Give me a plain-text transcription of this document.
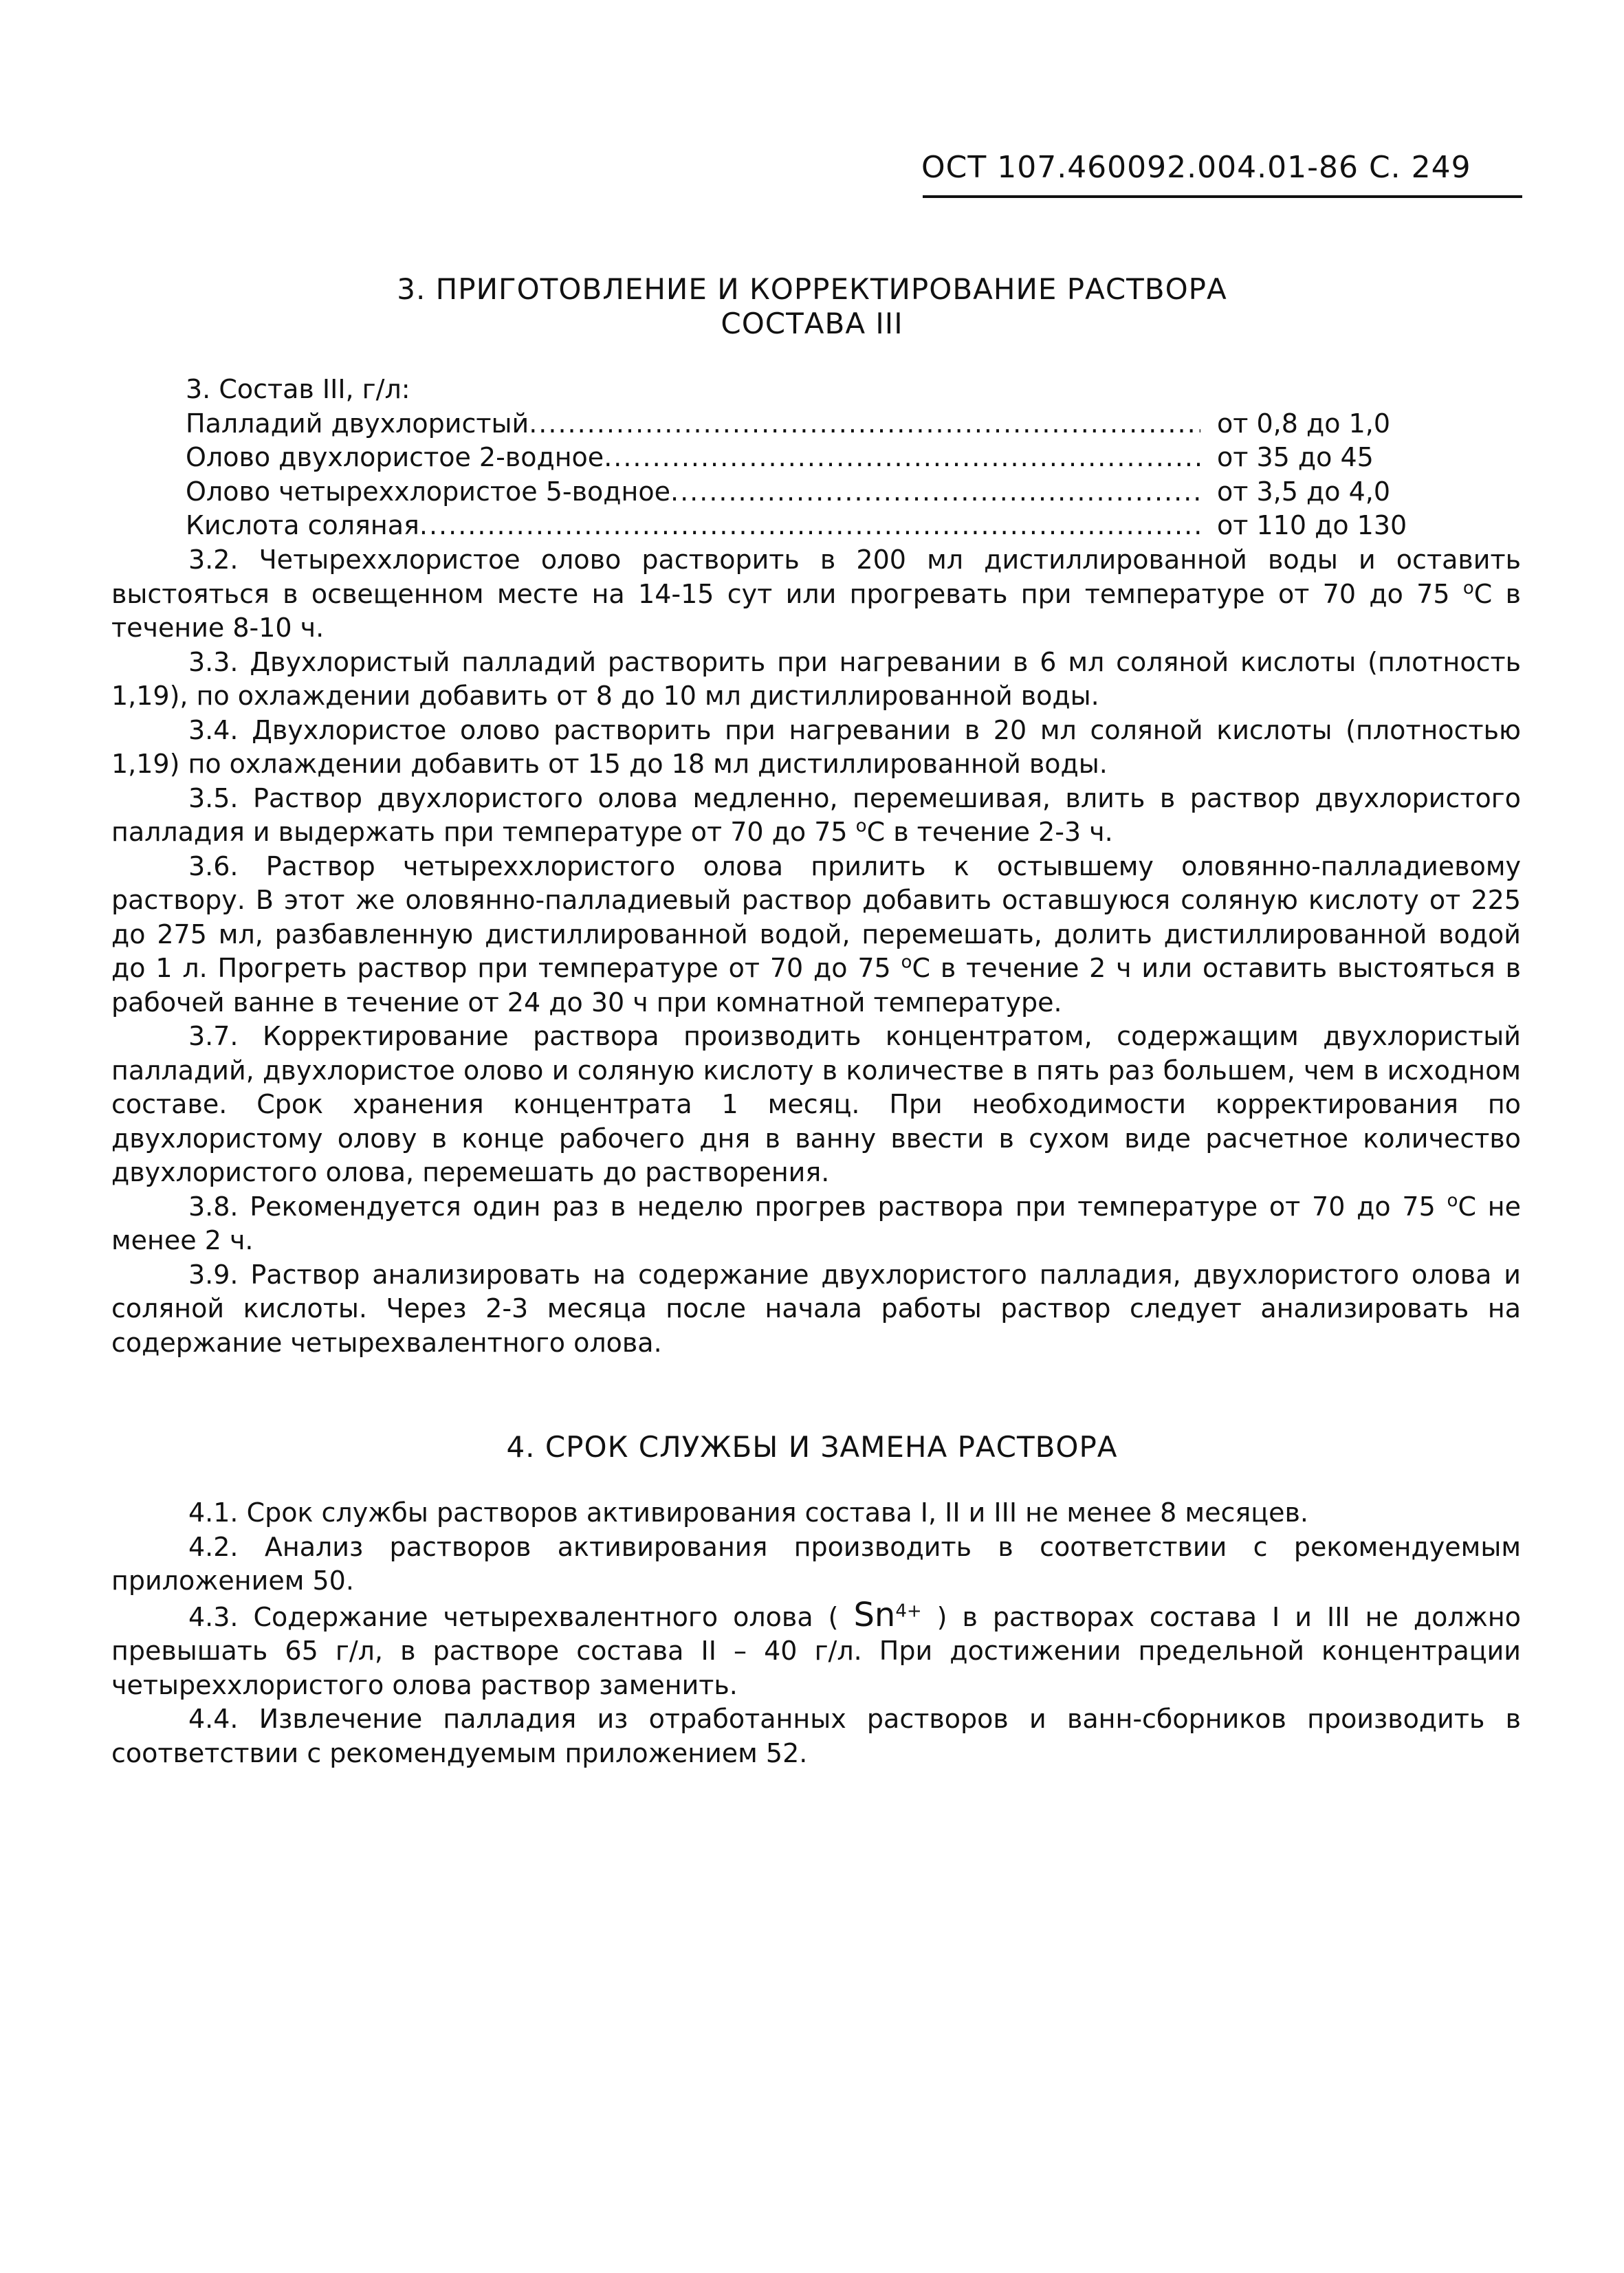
ОСТ 107.460092.004.01-86 С. 249
3. ПРИГОТОВЛЕНИЕ И КОРРЕКТИРОВАНИЕ РАСТВОРА
СОСТАВА III
3. Состав III, г/л:
Палладий двухлористый .....	от 0,8 до 1,0
Олово двухлористое 2-водное .....	от 35 до 45
Олово четыреххлористое 5-водное .....	от 3,5 до 4,0
Кислота соляная .....	от 110 до 130

3.2. Четыреххлористое олово растворить в 200 мл дистиллированной воды и оставить выстояться в освещенном месте на 14-15 сут или прогревать при температуре от 70 до 75 $^о$С в течение 8-10 ч.

3.3. Двухлористый палладий растворить при нагревании в 6 мл соляной кислоты (плотность 1,19), по охлаждении добавить от 8 до 10 мл дистиллированной воды.

3.4. Двухлористое олово растворить при нагревании в 20 мл соляной кислоты (плотностью 1,19) по охлаждении добавить от 15 до 18 мл дистиллированной воды.

3.5. Раствор двухлористого олова медленно, перемешивая, влить в раствор двухлористого палладия и выдержать при температуре от 70 до 75 $^о$С в течение 2-3 ч.

3.6. Раствор четыреххлористого олова прилить к остывшему оловянно-палладиевому раствору. В этот же оловянно-палладиевый раствор добавить оставшуюся соляную кислоту от 225 до 275 мл, разбавленную дистиллированной водой, перемешать, долить дистиллированной водой до 1 л. Прогреть раствор при температуре от 70 до 75 $^о$С в течение 2 ч или оставить выстояться в рабочей ванне в течение от 24 до 30 ч при комнатной температуре.

3.7. Корректирование раствора производить концентратом, содержащим двухлористый палладий, двухлористое олово и соляную кислоту в количестве в пять раз большем, чем в исходном составе. Срок хранения концентрата 1 месяц. При необходимости корректирования по двухлористому олову в конце рабочего дня в ванну ввести в сухом виде расчетное количество двухлористого олова, перемешать до растворения.

3.8. Рекомендуется один раз в неделю прогрев раствора при температуре от 70 до 75 $^о$С не менее 2 ч.

3.9. Раствор анализировать на содержание двухлористого палладия, двухлористого олова и соляной кислоты. Через 2-3 месяца после начала работы раствор следует анализировать на содержание четырехвалентного олова.

4. СРОК СЛУЖБЫ И ЗАМЕНА РАСТВОРА

4.1. Срок службы растворов активирования состава I, II и III не менее 8 месяцев.

4.2. Анализ растворов активирования производить в соответствии с рекомендуемым приложением 50.

4.3. Содержание четырехвалентного олова ( $Sn^{4+}$ ) в растворах состава I и III не должно превышать 65 г/л, в растворе состава II – 40 г/л. При достижении предельной концентрации четыреххлористого олова раствор заменить.

4.4. Извлечение палладия из отработанных растворов и ванн-сборников производить в соответствии с рекомендуемым приложением 52.
